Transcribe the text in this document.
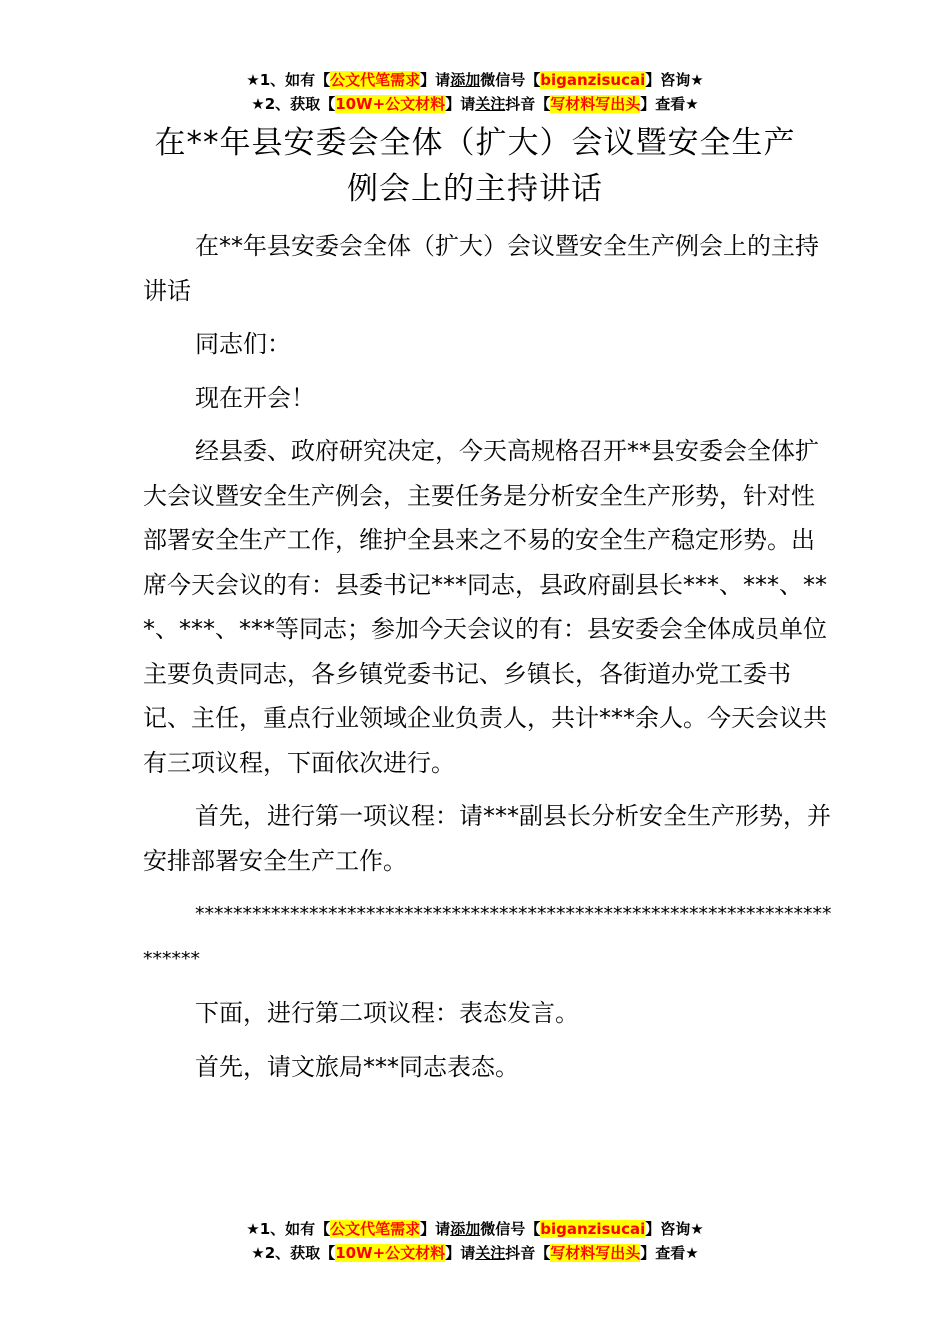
★1、如有【公文代笔需求】请添加微信号【biganzisucai】咨询★
★2、获取【10W+公文材料】请关注抖音【写材料写出头】查看★
在**年县安委会全体（扩大）会议暨安全生产例会上的主持讲话

在**年县安委会全体（扩大）会议暨安全生产例会上的主持讲话

同志们：

现在开会！

经县委、政府研究决定，今天高规格召开**县安委会全体扩大会议暨安全生产例会，主要任务是分析安全生产形势，针对性部署安全生产工作，维护全县来之不易的安全生产稳定形势。出席今天会议的有：县委书记***同志，县政府副县长***、***、***、***、***等同志；参加今天会议的有：县安委会全体成员单位主要负责同志，各乡镇党委书记、乡镇长，各街道办党工委书记、主任，重点行业领域企业负责人，共计***余人。今天会议共有三项议程，下面依次进行。

首先，进行第一项议程：请***副县长分析安全生产形势，并安排部署安全生产工作。

*************************************************************************

下面，进行第二项议程：表态发言。

首先，请文旅局***同志表态。

★1、如有【公文代笔需求】请添加微信号【biganzisucai】咨询★
★2、获取【10W+公文材料】请关注抖音【写材料写出头】查看★
